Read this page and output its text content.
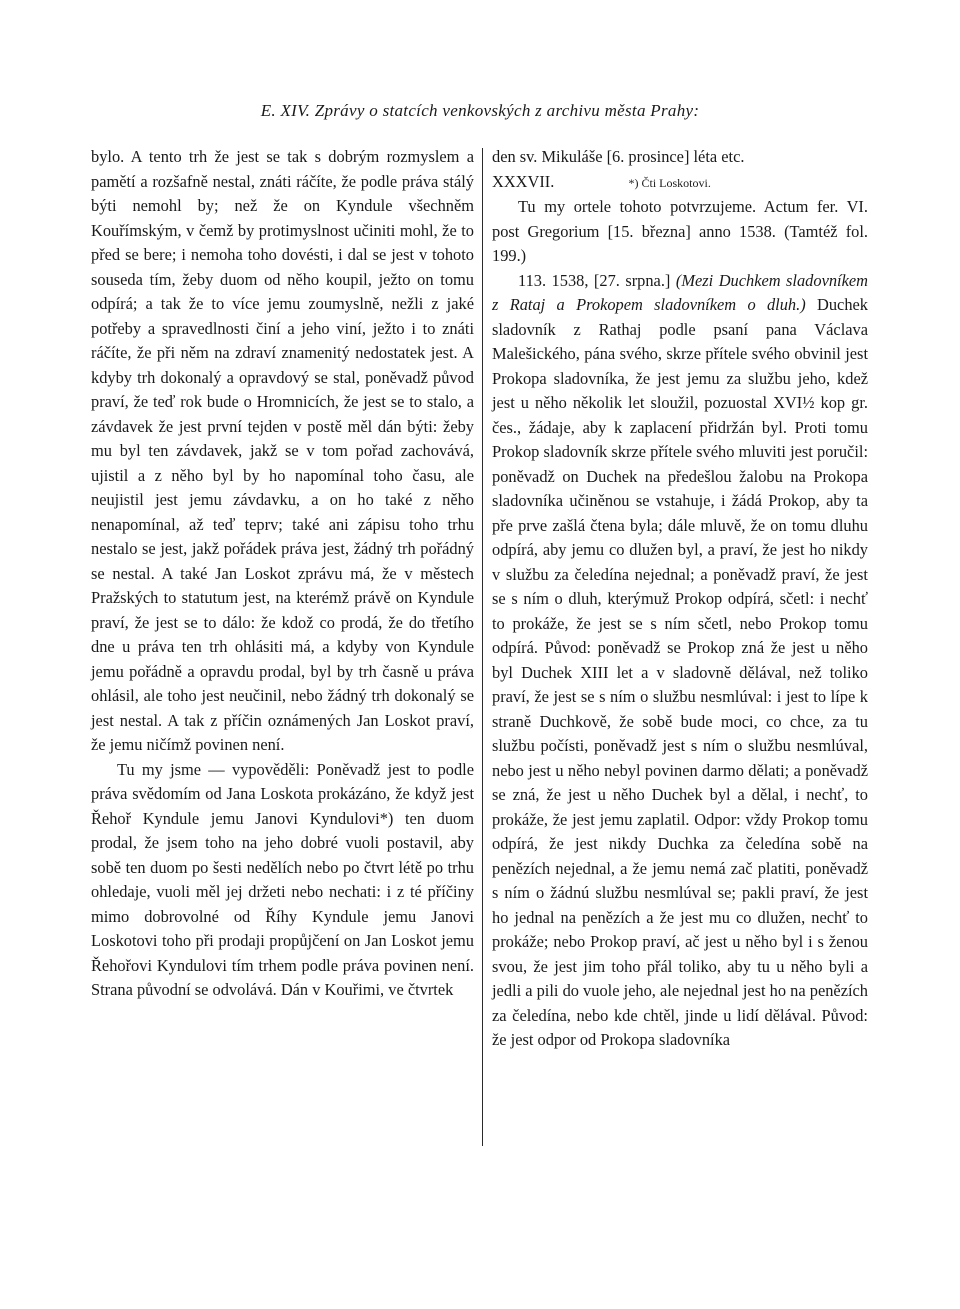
E. XIV. Zprávy o statcích venkovských z archivu města Prahy:

bylo. A tento trh že jest se tak s dobrým rozmyslem a pamětí a rozšafně nestal, znáti ráčíte, že podle práva stálý býti nemohl by; než že on Kyndule všechněm Kouřímským, v čemž by protimyslnost učiniti mohl, že to před se bere; i nemoha toho dovésti, i dal se jest v tohoto souseda tím, žeby duom od něho koupil, ježto on tomu odpírá; a tak že to více jemu zoumyslně, nežli z jaké potřeby a spravedlnosti činí a jeho viní, ježto i to znáti ráčíte, že při něm na zdraví znamenitý nedostatek jest. A kdyby trh dokonalý a opravdový se stal, poněvadž původ praví, že teď rok bude o Hromnicích, že jest se to stalo, a závdavek že jest první tejden v postě měl dán býti: žeby mu byl ten závdavek, jakž se v tom pořad zachovává, ujistil a z něho byl by ho napomínal toho času, ale neujistil jest jemu závdavku, a on ho také z něho nenapomínal, až teď teprv; také ani zápisu toho trhu nestalo se jest, jakž pořádek práva jest, žádný trh pořádný se nestal. A také Jan Loskot zprávu má, že v městech Pražských to statutum jest, na kterémž právě on Kyndule praví, že jest se to dálo: že kdož co prodá, že do třetího dne u práva ten trh ohlásiti má, a kdyby von Kyndule jemu pořádně a opravdu prodal, byl by trh časně u práva ohlásil, ale toho jest neučinil, nebo žádný trh dokonalý se jest nestal. A tak z příčin oznámených Jan Loskot praví, že jemu ničímž povinen není.

Tu my jsme — vypověděli: Poněvadž jest to podle práva svědomím od Jana Loskota prokázáno, že když jest Řehoř Kyndule jemu Janovi Kyndulovi*) ten duom prodal, že jsem toho na jeho dobré vuoli postavil, aby sobě ten duom po šesti nedělích nebo po čtvrt létě po trhu ohledaje, vuoli měl jej držeti nebo nechati: i z té příčiny mimo dobrovolné od Říhy Kyndule jemu Janovi Loskotovi toho při prodaji propůjčení on Jan Loskot jemu Řehořovi Kyndulovi tím trhem podle práva povinen není. Strana původní se odvolává. Dán v Kouřimi, ve čtvrtek

den sv. Mikuláše [6. prosince] léta etc.

XXXVII.	*) Čti Loskotovi.

Tu my ortele tohoto potvrzujeme. Actum fer. VI. post Gregorium [15. března] anno 1538. (Tamtéž fol. 199.)

113. 1538, [27. srpna.] (Mezi Duchkem sladovníkem z Rataj a Prokopem sladovníkem o dluh.) Duchek sladovník z Rathaj podle psaní pana Václava Malešického, pána svého, skrze přítele svého obvinil jest Prokopa sladovníka, že jest jemu za službu jeho, kdež jest u něho několik let sloužil, pozuostal XVI½ kop gr. čes., žádaje, aby k zaplacení přidržán byl. Proti tomu Prokop sladovník skrze přítele svého mluviti jest poručil: poněvadž on Duchek na předešlou žalobu na Prokopa sladovníka učiněnou se vstahuje, i žádá Prokop, aby ta pře prve zašlá čtena byla; dále mluvě, že on tomu dluhu odpírá, aby jemu co dlužen byl, a praví, že jest ho nikdy v službu za čeledína nejednal; a poněvadž praví, že jest se s ním o dluh, kterýmuž Prokop odpírá, sčetl: i nechť to prokáže, že jest se s ním sčetl, nebo Prokop tomu odpírá. Původ: poněvadž se Prokop zná že jest u něho byl Duchek XIII let a v sladovně dělával, než toliko praví, že jest se s ním o službu nesmlúval: i jest to lípe k straně Duchkově, že sobě bude moci, co chce, za tu službu počísti, poněvadž jest s ním o službu nesmlúval, nebo jest u něho nebyl povinen darmo dělati; a poněvadž se zná, že jest u něho Duchek byl a dělal, i nechť, to prokáže, že jest jemu zaplatil. Odpor: vždy Prokop tomu odpírá, že jest nikdy Duchka za čeledína sobě na penězích nejednal, a že jemu nemá zač platiti, poněvadž s ním o žádnú službu nesmlúval se; pakli praví, že jest ho jednal na penězích a že jest mu co dlužen, nechť to prokáže; nebo Prokop praví, ač jest u něho byl i s ženou svou, že jest jim toho přál toliko, aby tu u něho byli a jedli a pili do vuole jeho, ale nejednal jest ho na penězích za čeledína, nebo kde chtěl, jinde u lidí dělával. Původ: že jest odpor od Prokopa sladovníka
